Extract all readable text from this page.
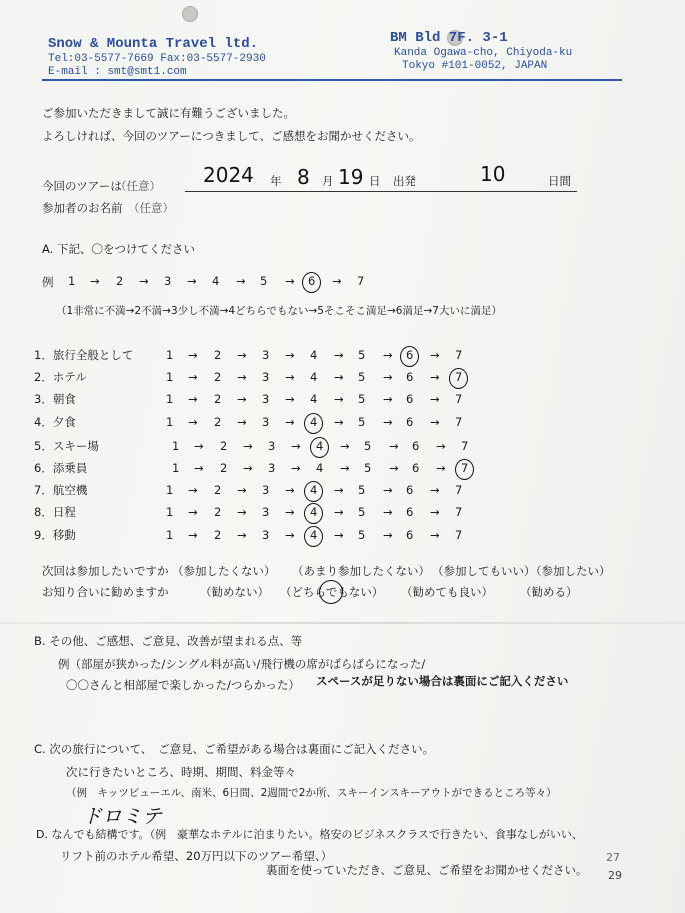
Snow & Mounta Travel ltd.
Tel:03-5577-7669 Fax:03-5577-2930
E-mail : smt@smt1.com
BM Bld 7F. 3-1
Kanda Ogawa-cho, Chiyoda-ku
Tokyo #101-0052, JAPAN
ご参加いただきまして誠に有難うございました。
よろしければ、今回のツアーにつきまして、ご感想をお聞かせください。
今回のツアーは
（任意） 2024 年 8 月 19 日 出発	10	日間
参加者のお名前 （任意）
A. 下記、〇をつけてください
例 1 → 2 → 3 → 4 → 5 → 6 → 7
（1非常に不満→2不満→3少し不満→4どちらでもない→5そこそこ満足→6満足→7大いに満足）
1．旅行全般として	1 → 2 → 3 → 4 → 5 → 6 → 7
2．ホテル	1 → 2 → 3 → 4 → 5 → 6 → 7
3．朝食	1 → 2 → 3 → 4 → 5 → 6 → 7
4．夕食	1 → 2 → 3 → 4 → 5 → 6 → 7
5．スキー場	1 → 2 → 3 → 4 → 5 → 6 → 7
6．添乗員	1 → 2 → 3 → 4 → 5 → 6 → 7
7．航空機	1 → 2 → 3 → 4 → 5 → 6 → 7
8．日程	1 → 2 → 3 → 4 → 5 → 6 → 7
9．移動	1 → 2 → 3 → 4 → 5 → 6 → 7
次回は参加したいですか （参加したくない） （あまり参加したくない） （参加してもいい）
（参加したい）
お知り合いに勧めますか	（勧めない） （どちらでもない） （勧めても良い） （勧める）
B. その他、ご感想、ご意見、改善が望まれる点、等
例（部屋が狭かった/シングル料が高い/飛行機の席がばらばらになった/
〇〇さんと相部屋で楽しかった/つらかった） スペースが足りない場合は裏面にご記入ください
C. 次の旅行について、　ご意見、ご希望がある場合は裏面にご記入ください。
次に行きたいところ、時期、期間、料金等々
（例　キッツビューエル、南米、6日間、2週間で2か所、スキーインスキーアウトができるところ等々）
ドロミテ
D. なんでも結構です。（例　豪華なホテルに泊まりたい。格安のビジネスクラスで行きたい、食事なしがいい、
リフト前のホテル希望、20万円以下のツアー希望、）
裏面を使っていただき、ご意見、ご希望をお聞かせください。
27
29
